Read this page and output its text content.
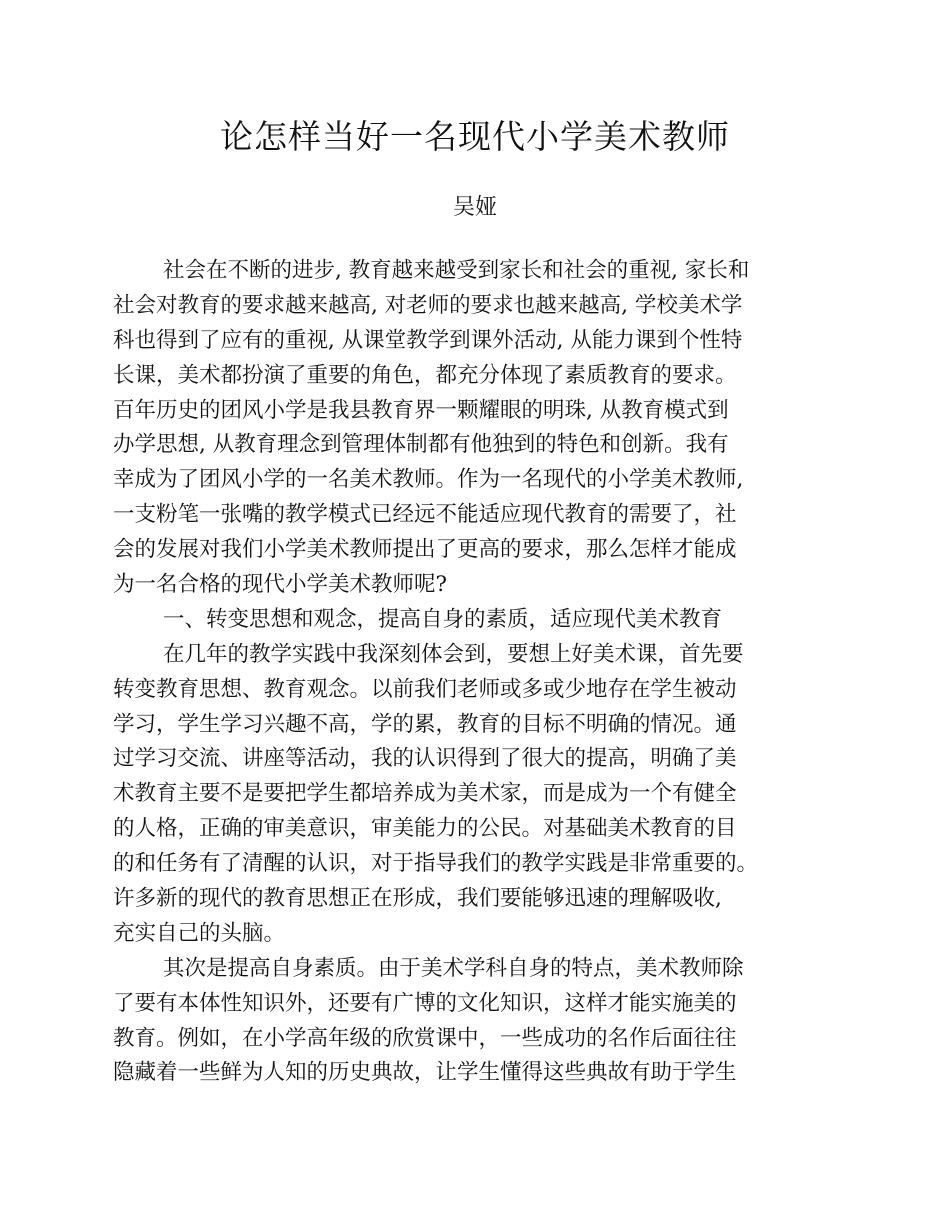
论怎样当好一名现代小学美术教师
吴娅
社会在不断的进步, 教育越来越受到家长和社会的重视, 家长和
社会对教育的要求越来越高, 对老师的要求也越来越高, 学校美术学
科也得到了应有的重视, 从课堂教学到课外活动, 从能力课到个性特
长课，美术都扮演了重要的角色，都充分体现了素质教育的要求。
百年历史的团风小学是我县教育界一颗耀眼的明珠, 从教育模式到
办学思想, 从教育理念到管理体制都有他独到的特色和创新。我有
幸成为了团风小学的一名美术教师。作为一名现代的小学美术教师,
一支粉笔一张嘴的教学模式已经远不能适应现代教育的需要了，社
会的发展对我们小学美术教师提出了更高的要求，那么怎样才能成
为一名合格的现代小学美术教师呢?
一、转变思想和观念，提高自身的素质，适应现代美术教育
在几年的教学实践中我深刻体会到，要想上好美术课，首先要
转变教育思想、教育观念。以前我们老师或多或少地存在学生被动
学习，学生学习兴趣不高，学的累，教育的目标不明确的情况。通
过学习交流、讲座等活动，我的认识得到了很大的提高，明确了美
术教育主要不是要把学生都培养成为美术家，而是成为一个有健全
的人格，正确的审美意识，审美能力的公民。对基础美术教育的目
的和任务有了清醒的认识，对于指导我们的教学实践是非常重要的。
许多新的现代的教育思想正在形成，我们要能够迅速的理解吸收,
充实自己的头脑。
其次是提高自身素质。由于美术学科自身的特点，美术教师除
了要有本体性知识外，还要有广博的文化知识，这样才能实施美的
教育。例如，在小学高年级的欣赏课中，一些成功的名作后面往往
隐藏着一些鲜为人知的历史典故，让学生懂得这些典故有助于学生
